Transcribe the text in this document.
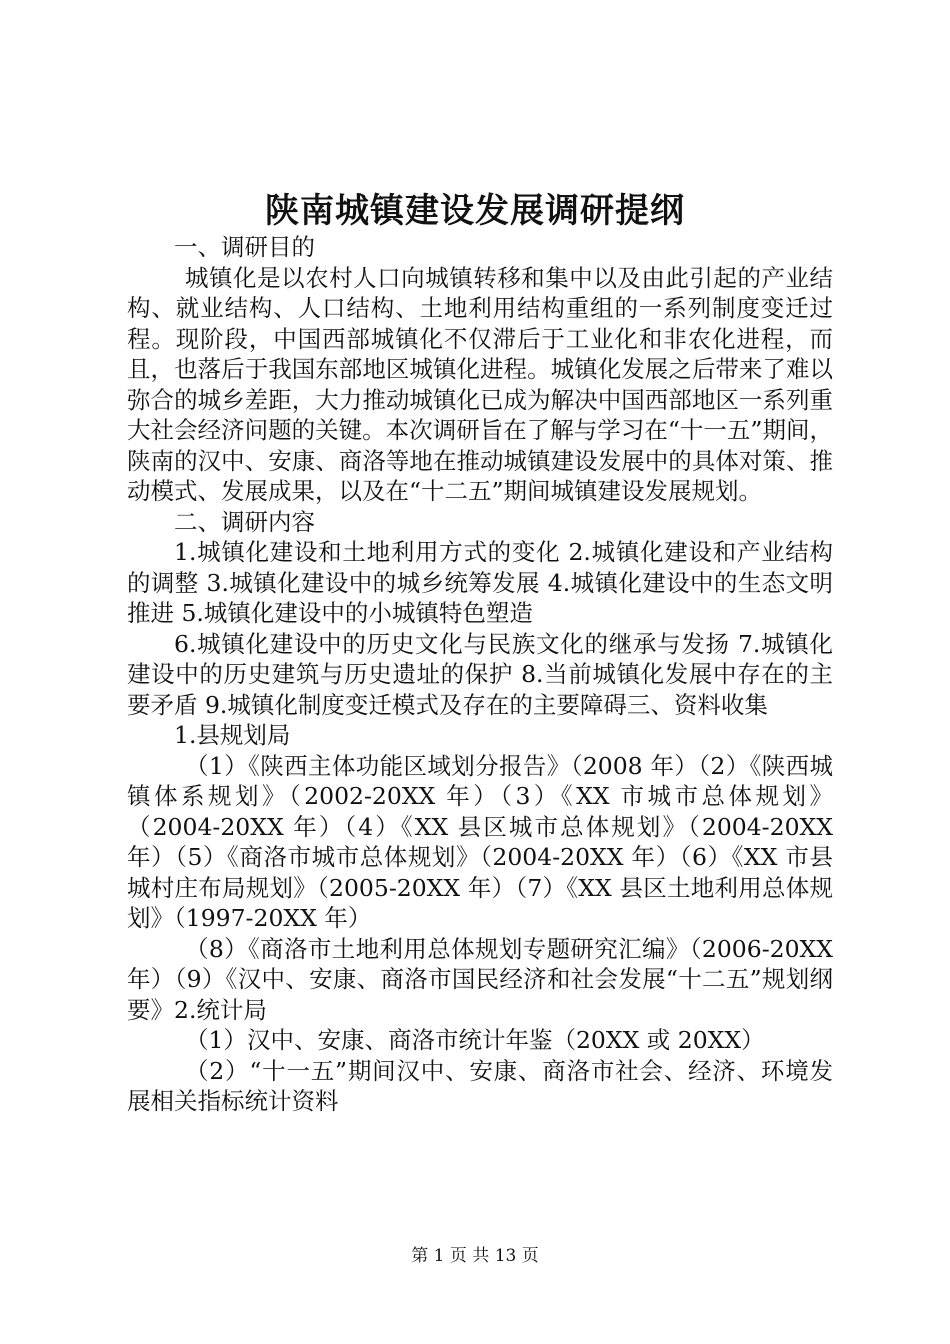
陕南城镇建设发展调研提纲

一、调研目的

城镇化是以农村人口向城镇转移和集中以及由此引起的产业结构、就业结构、人口结构、土地利用结构重组的一系列制度变迁过程。现阶段，中国西部城镇化不仅滞后于工业化和非农化进程，而且，也落后于我国东部地区城镇化进程。城镇化发展之后带来了难以弥合的城乡差距，大力推动城镇化已成为解决中国西部地区一系列重大社会经济问题的关键。本次调研旨在了解与学习在“十一五”期间，陕南的汉中、安康、商洛等地在推动城镇建设发展中的具体对策、推动模式、发展成果，以及在“十二五”期间城镇建设发展规划。

二、调研内容

1.城镇化建设和土地利用方式的变化 2.城镇化建设和产业结构的调整 3.城镇化建设中的城乡统筹发展 4.城镇化建设中的生态文明推进 5.城镇化建设中的小城镇特色塑造

6.城镇化建设中的历史文化与民族文化的继承与发扬 7.城镇化建设中的历史建筑与历史遗址的保护 8.当前城镇化发展中存在的主要矛盾 9.城镇化制度变迁模式及存在的主要障碍三、资料收集

1.县规划局

（1）《陕西主体功能区域划分报告》（2008 年）（2）《陕西城镇体系规划》（2002-20XX 年）（3）《XX 市城市总体规划》（2004-20XX 年）（4）《XX 县区城市总体规划》（2004-20XX 年）（5）《商洛市城市总体规划》（2004-20XX 年）（6）《XX 市县城村庄布局规划》（2005-20XX 年）（7）《XX 县区土地利用总体规划》（1997-20XX 年）

（8）《商洛市土地利用总体规划专题研究汇编》（2006-20XX 年）（9）《汉中、安康、商洛市国民经济和社会发展“十二五”规划纲要》2.统计局

（1）汉中、安康、商洛市统计年鉴（20XX 或 20XX）

（2）“十一五”期间汉中、安康、商洛市社会、经济、环境发展相关指标统计资料

第 1 页 共 13 页
